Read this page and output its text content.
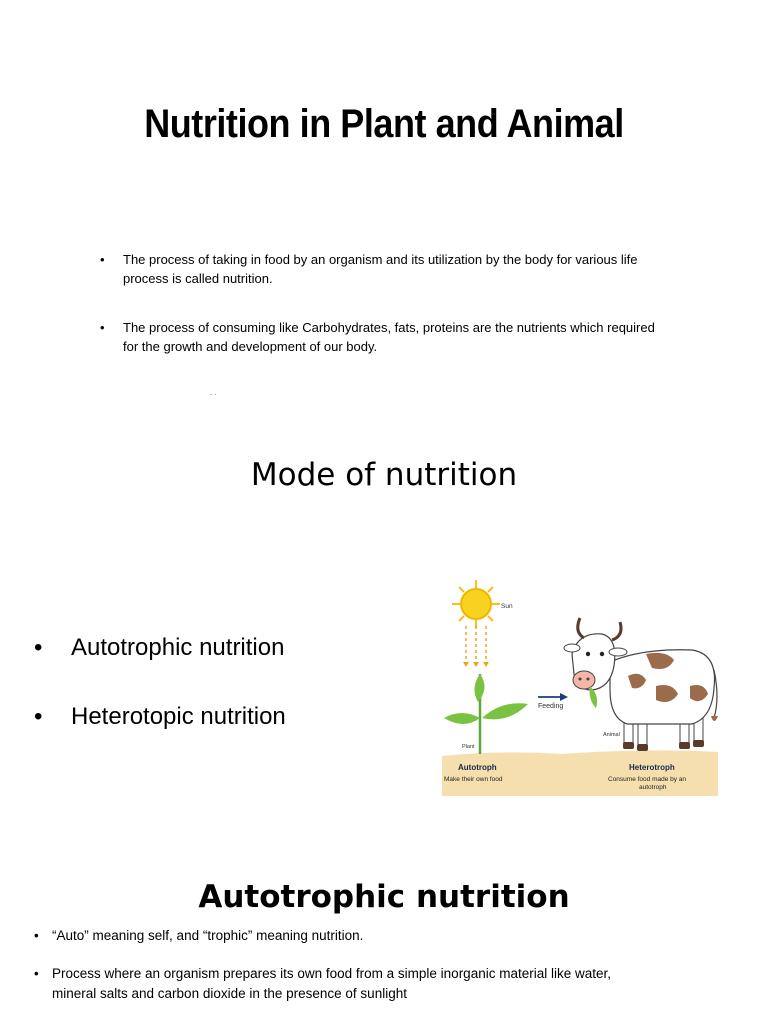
Nutrition in Plant and Animal
• The process of taking in food by an organism and its utilization by the body for various life process is called nutrition.
• The process of consuming like Carbohydrates, fats, proteins are the nutrients which required for the growth and development of our body.
. .
Mode of nutrition
• Autotrophic nutrition
• Heterotopic nutrition
Sun
Plant
Feeding
Animal
Autotroph
Make their own food
Heterotroph
Consume food made by an
autotroph
Autotrophic nutrition
• “Auto” meaning self, and “trophic” meaning nutrition.
• Process where an organism prepares its own food from a simple inorganic material like water, mineral salts and carbon dioxide in the presence of sunlight
